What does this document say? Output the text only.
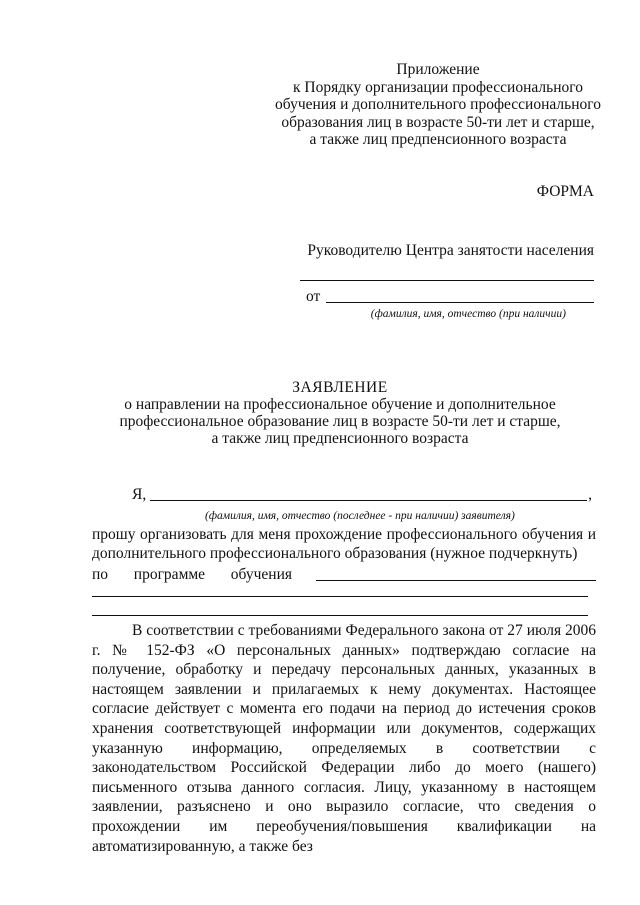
Приложение
к Порядку организации профессионального
обучения и дополнительного профессионального
образования лиц в возрасте 50-ти лет и старше,
а также лиц предпенсионного возраста
ФОРМА
Руководителю Центра занятости населения
от
(фамилия, имя, отчество (при наличии)
ЗАЯВЛЕНИЕ
о направлении на профессиональное обучение и дополнительное
профессиональное образование лиц в возрасте 50-ти лет и старше,
а также лиц предпенсионного возраста
Я,	,
(фамилия, имя, отчество (последнее - при наличии) заявителя)
прошу организовать для меня прохождение профессионального обучения и дополнительного профессионального образования (нужное подчеркнуть)
по программе обучения
В соответствии с требованиями Федерального закона от 27 июля 2006 г. № 152-ФЗ «О персональных данных» подтверждаю согласие на получение, обработку и передачу персональных данных, указанных в настоящем заявлении и прилагаемых к нему документах. Настоящее согласие действует с момента его подачи на период до истечения сроков хранения соответствующей информации или документов, содержащих указанную информацию, определяемых в соответствии с законодательством Российской Федерации либо до моего (нашего) письменного отзыва данного согласия. Лицу, указанному в настоящем заявлении, разъяснено и оно выразило согласие, что сведения о прохождении им переобучения/повышения квалификации на автоматизированную, а также без
